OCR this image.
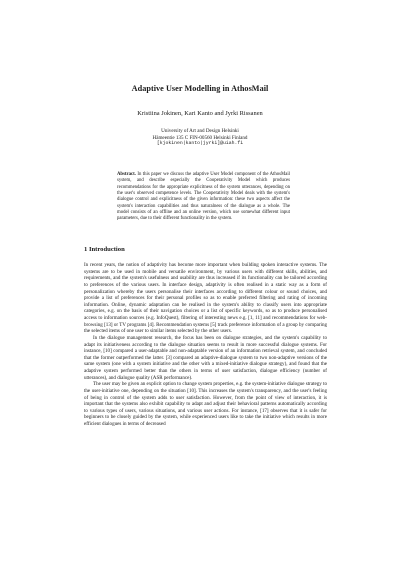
Adaptive User Modelling in AthosMail
Kristiina Jokinen, Kari Kanto and Jyrki Rissanen
University of Art and Design Helsinki
Hämeentie 135 C FIN-00560 Helsinki Finland
[kjokinen|kanto|jyrki]@uiah.fi
Abstract. In this paper we discuss the adaptive User Model component of the AthosMail system, and describe especially the Cooperativity Model which produces recommendations for the appropriate explicitness of the system utterances, depending on the user's observed competence levels. The Cooperativity Model deals with the system's dialogue control and explicitness of the given information: these two aspects affect the system's interaction capabilities and thus naturalness of the dialogue as a whole. The model consists of an offline and an online version, which use somewhat different input parameters, due to their different functionality in the system.
1 Introduction

In recent years, the notion of adaptivity has become more important when building spoken interactive systems. The systems are to be used in mobile and versatile environment, by various users with different skills, abilities, and requirements, and the system's usefulness and usability are thus increased if its functionality can be tailored according to preferences of the various users. In interface design, adaptivity is often realised in a static way as a form of personalization whereby the users personalise their interfaces according to different colour or sound choices, and provide a list of preferences for their personal profiles so as to enable preferred filtering and rating of incoming information. Online, dynamic adaptation can be realised in the system's ability to classify users into appropriate categories, e.g. on the basis of their navigation choices or a list of specific keywords, so as to produce personalised access to information sources (e.g. InfoQuest), filtering of interesting news e.g. [1, 11] and recommendations for web-browsing [13] or TV programs [4]. Recommendation systems [5] track preference information of a group by comparing the selected items of one user to similar items selected by the other users.

In the dialogue management research, the focus has been on dialogue strategies, and the system's capability to adapt its initiativeness according to the dialogue situation seems to result in more successful dialogue systems. For instance, [10] compared a user-adaptable and non-adaptable version of an information retrieval system, and concluded that the former outperformed the latter. [3] compared an adaptive-dialogue system to two non-adaptive versions of the same system (one with a system initiative and the other with a mixed-initiative dialogue strategy), and found that the adaptive system performed better than the others in terms of user satisfaction, dialogue efficiency (number of utterances), and dialogue quality (ASR performance).

The user may be given an explicit option to change system properties, e.g. the system-initiative dialogue strategy to the user-initiative one, depending on the situation [10]. This increases the system's transparency, and the user's feeling of being in control of the system adds to user satisfaction. However, from the point of view of interaction, it is important that the systems also exhibit capability to adapt and adjust their behavioral patterns automatically according to various types of users, various situations, and various user actions. For instance, [17] observes that it is safer for beginners to be closely guided by the system, while experienced users like to take the initiative which results in more efficient dialogues in terms of decreased
